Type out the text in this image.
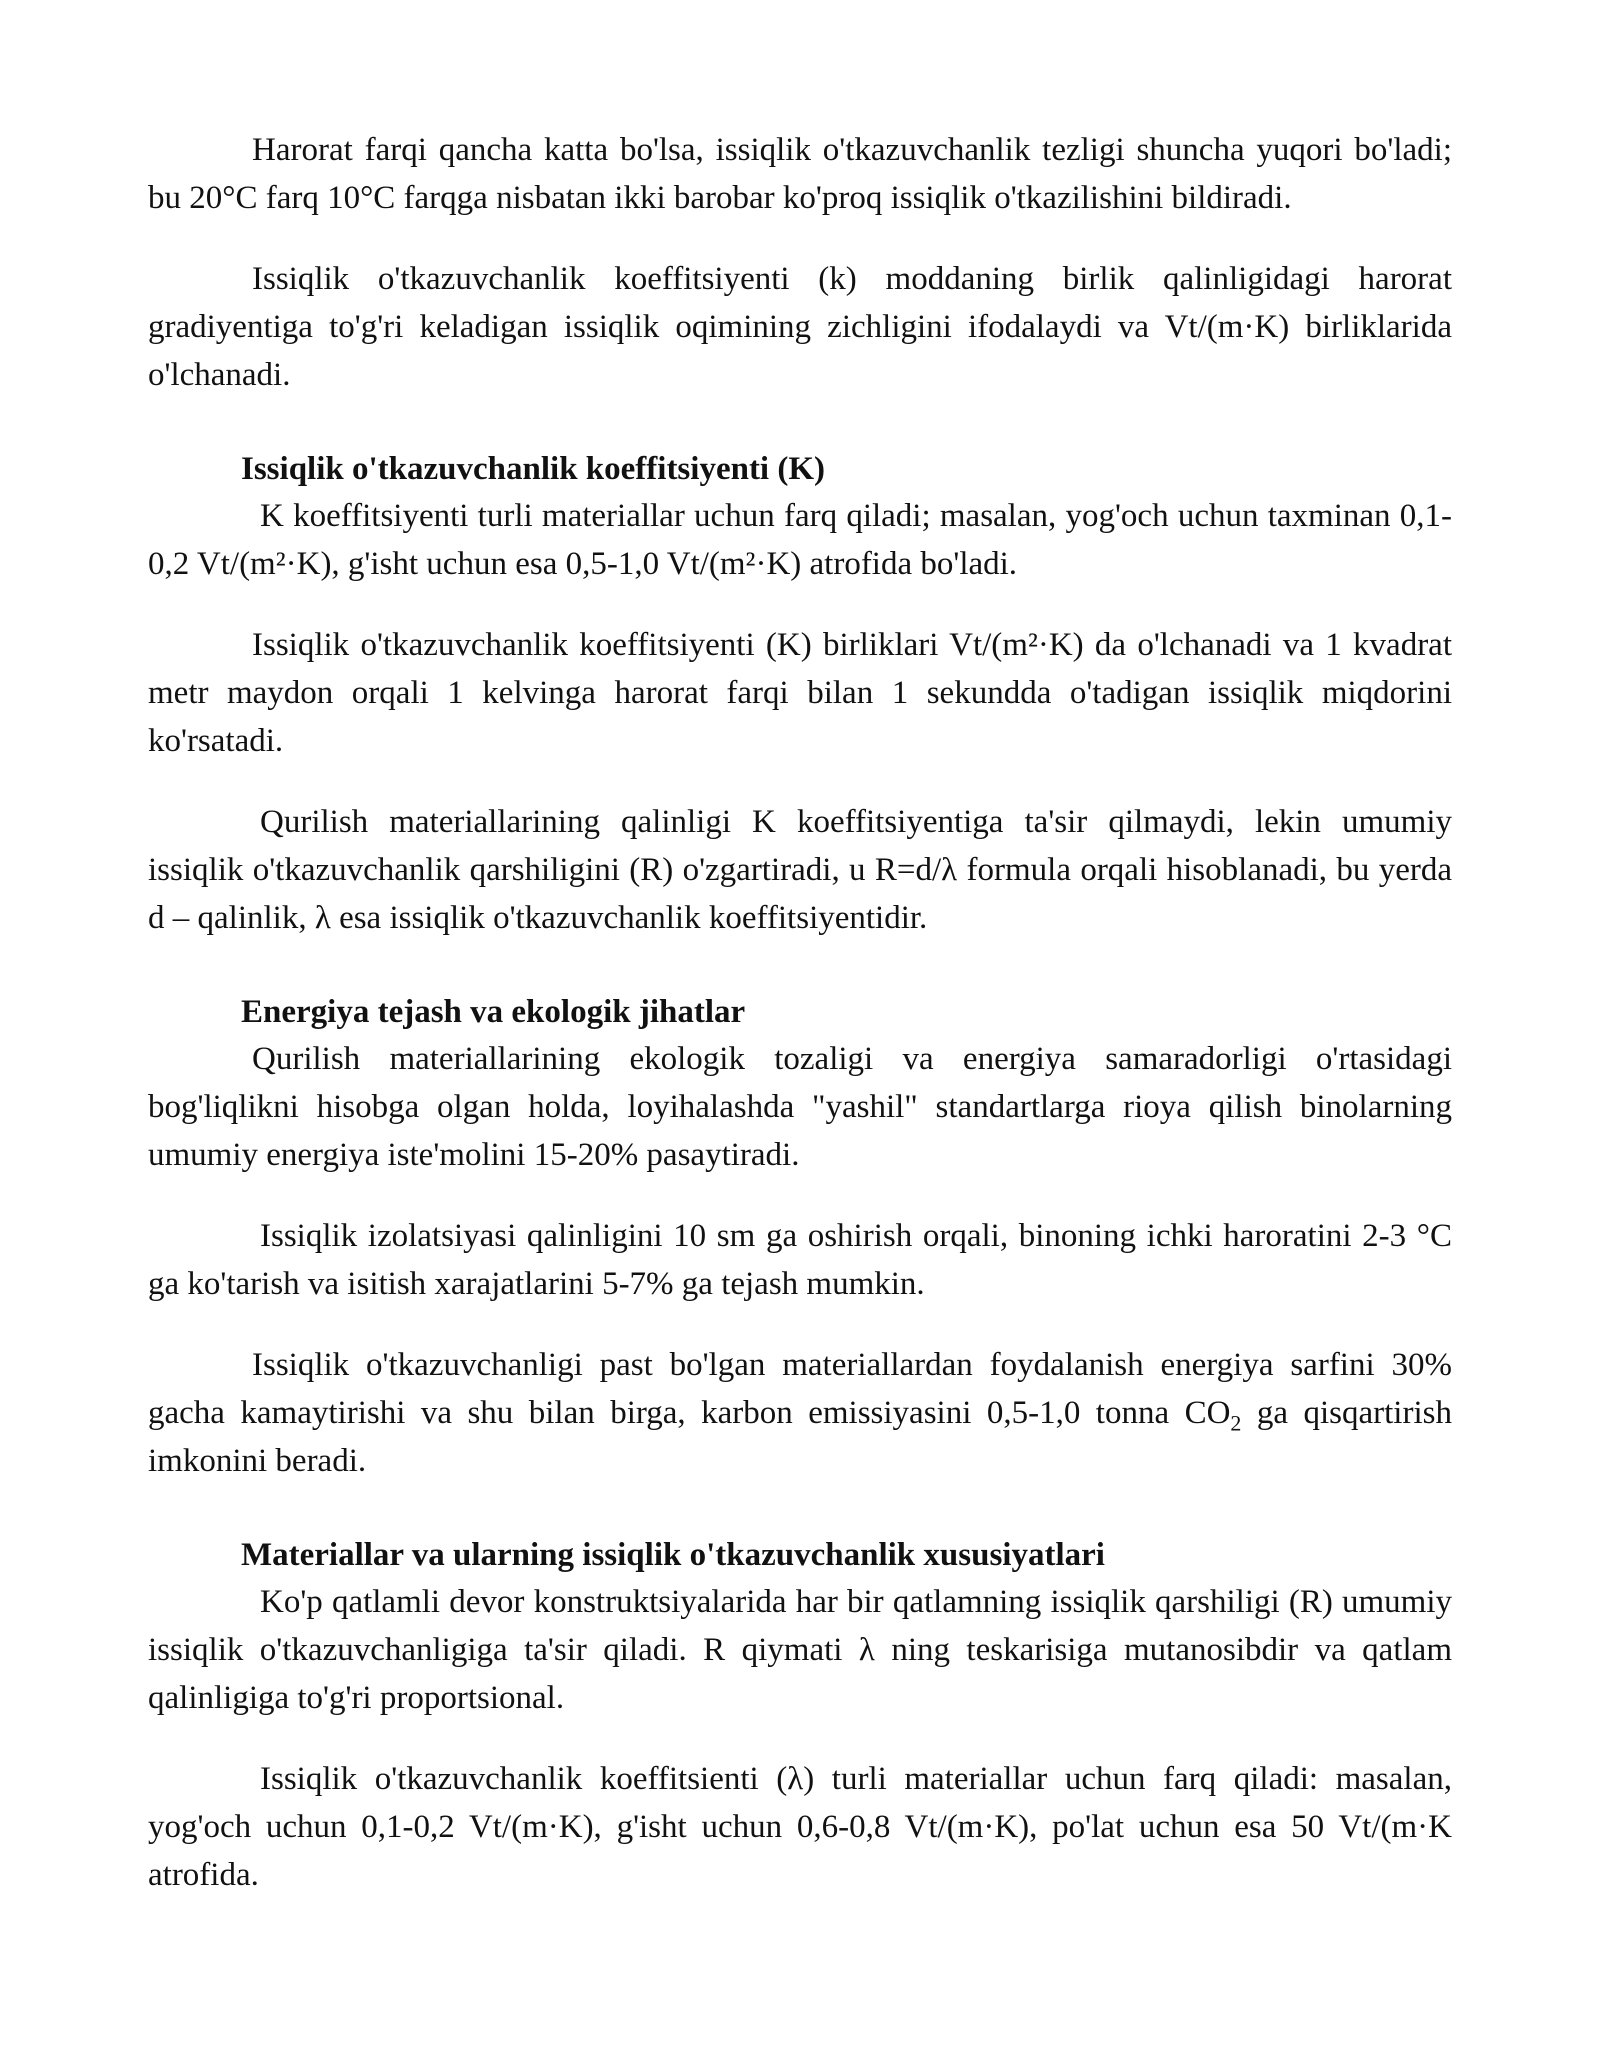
Harorat farqi qancha katta bo'lsa, issiqlik o'tkazuvchanlik tezligi shuncha yuqori bo'ladi; bu 20°C farq 10°C farqga nisbatan ikki barobar ko'proq issiqlik o'tkazilishini bildiradi.

Issiqlik o'tkazuvchanlik koeffitsiyenti (k) moddaning birlik qalinligidagi harorat gradiyentiga to'g'ri keladigan issiqlik oqimining zichligini ifodalaydi va Vt/(m·K) birliklarida o'lchanadi.

Issiqlik o'tkazuvchanlik koeffitsiyenti (K)

K koeffitsiyenti turli materiallar uchun farq qiladi; masalan, yog'och uchun taxminan 0,1-0,2 Vt/(m²·K), g'isht uchun esa 0,5-1,0 Vt/(m²·K) atrofida bo'ladi.

Issiqlik o'tkazuvchanlik koeffitsiyenti (K) birliklari Vt/(m²·K) da o'lchanadi va 1 kvadrat metr maydon orqali 1 kelvinga harorat farqi bilan 1 sekundda o'tadigan issiqlik miqdorini ko'rsatadi.

Qurilish materiallarining qalinligi K koeffitsiyentiga ta'sir qilmaydi, lekin umumiy issiqlik o'tkazuvchanlik qarshiligini (R) o'zgartiradi, u R=d/λ formula orqali hisoblanadi, bu yerda d – qalinlik, λ esa issiqlik o'tkazuvchanlik koeffitsiyentidir.

Energiya tejash va ekologik jihatlar

Qurilish materiallarining ekologik tozaligi va energiya samaradorligi o'rtasidagi bog'liqlikni hisobga olgan holda, loyihalashda "yashil" standartlarga rioya qilish binolarning umumiy energiya iste'molini 15-20% pasaytiradi.

Issiqlik izolatsiyasi qalinligini 10 sm ga oshirish orqali, binoning ichki haroratini 2-3 °C ga ko'tarish va isitish xarajatlarini 5-7% ga tejash mumkin.

Issiqlik o'tkazuvchanligi past bo'lgan materiallardan foydalanish energiya sarfini 30% gacha kamaytirishi va shu bilan birga, karbon emissiyasini 0,5-1,0 tonna $CO_2$ ga qisqartirish imkonini beradi.

Materiallar va ularning issiqlik o'tkazuvchanlik xususiyatlari

Ko'p qatlamli devor konstruktsiyalarida har bir qatlamning issiqlik qarshiligi (R) umumiy issiqlik o'tkazuvchanligiga ta'sir qiladi. R qiymati λ ning teskarisiga mutanosibdir va qatlam qalinligiga to'g'ri proportsional.

Issiqlik o'tkazuvchanlik koeffitsienti (λ) turli materiallar uchun farq qiladi: masalan, yog'och uchun 0,1-0,2 Vt/(m·K), g'isht uchun 0,6-0,8 Vt/(m·K), po'lat uchun esa 50 Vt/(m·K atrofida.
